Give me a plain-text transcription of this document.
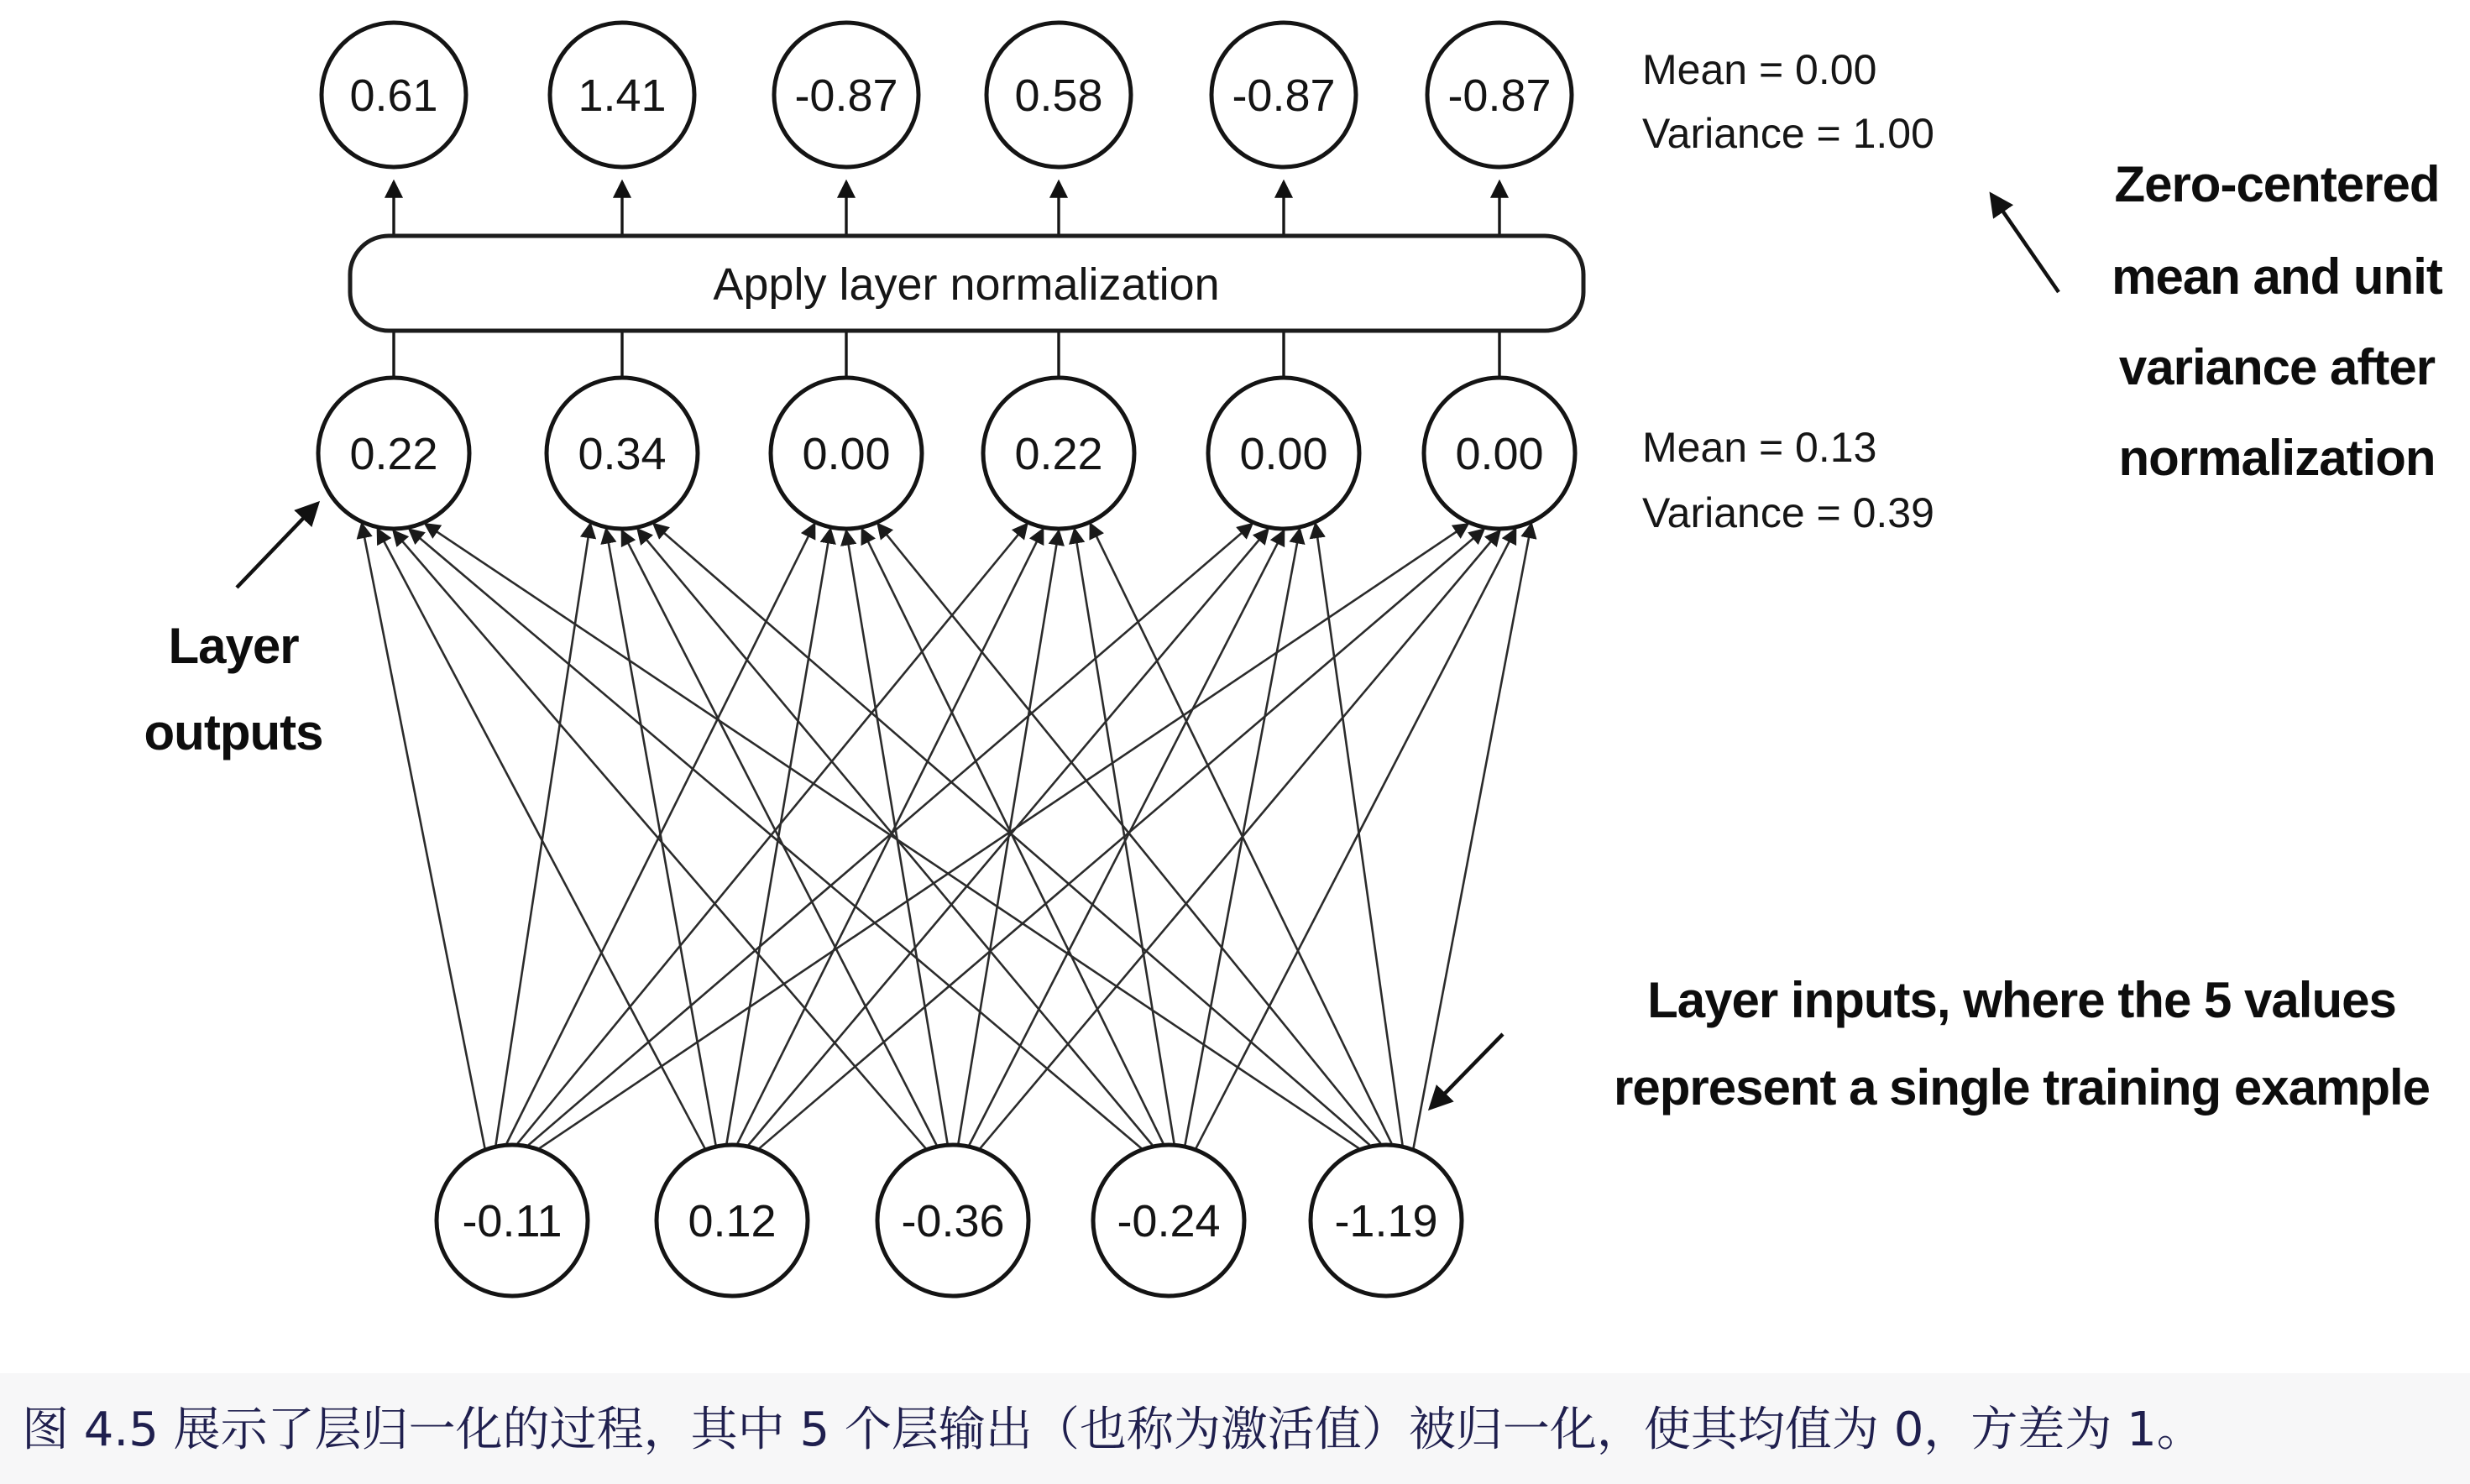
Apply layer normalization
0.61	1.41	-0.87	0.58	-0.87 -0.87
0.22	0.34	0.00	0.22	0.00	0.00
-0.11	0.12	-0.36 -0.24	-1.19
Mean = 0.00
Variance = 1.00
Mean = 0.13
Variance = 0.39
Zero-centered
mean and unit
variance after
normalization
Layer
outputs
Layer inputs, where the 5 values
represent a single training example
图 4.5 展示了层归一化的过程，其中 5 个层输出（也称为激活值）被归一化，使其均值为 0，方差为 1。
